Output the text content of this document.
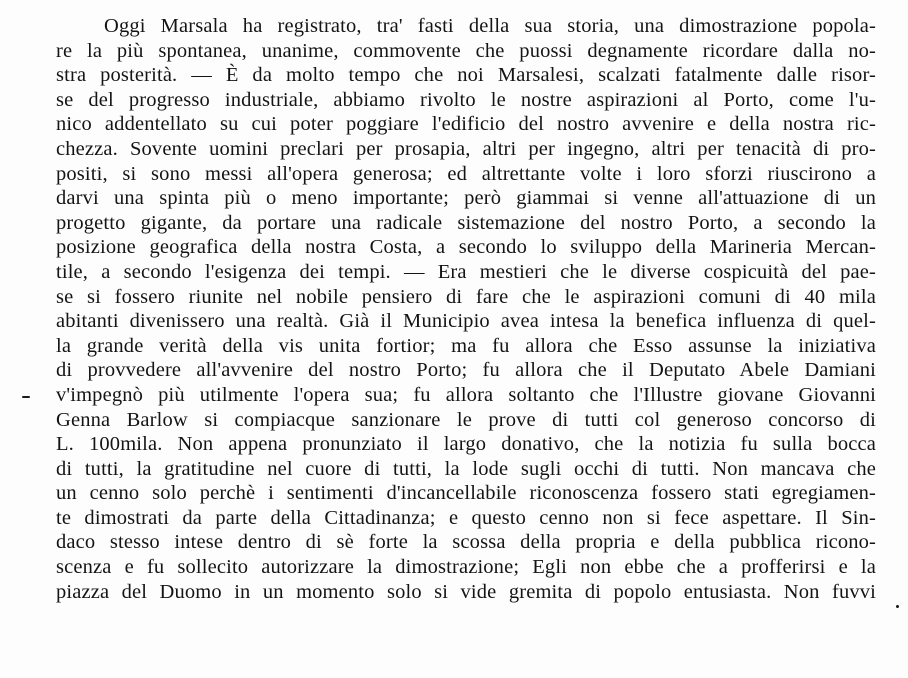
Oggi Marsala ha registrato, tra' fasti della sua storia, una dimostrazione popola-
re la più spontanea, unanime, commovente che puossi degnamente ricordare dalla no-
stra posterità. — È da molto tempo che noi Marsalesi, scalzati fatalmente dalle risor-
se del progresso industriale, abbiamo rivolto le nostre aspirazioni al Porto, come l'u-
nico addentellato su cui poter poggiare l'edificio del nostro avvenire e della nostra ric-
chezza. Sovente uomini preclari per prosapia, altri per ingegno, altri per tenacità di pro-
positi, si sono messi all'opera generosa; ed altrettante volte i loro sforzi riuscirono a
darvi una spinta più o meno importante; però giammai si venne all'attuazione di un
progetto gigante, da portare una radicale sistemazione del nostro Porto, a secondo la
posizione geografica della nostra Costa, a secondo lo sviluppo della Marineria Mercan-
tile, a secondo l'esigenza dei tempi. — Era mestieri che le diverse cospicuità del pae-
se si fossero riunite nel nobile pensiero di fare che le aspirazioni comuni di 40 mila
abitanti divenissero una realtà. Già il Municipio avea intesa la benefica influenza di quel-
la grande verità della vis unita fortior; ma fu allora che Esso assunse la iniziativa
di provvedere all'avvenire del nostro Porto; fu allora che il Deputato Abele Damiani
v'impegnò più utilmente l'opera sua; fu allora soltanto che l'Illustre giovane Giovanni
Genna Barlow si compiacque sanzionare le prove di tutti col generoso concorso di
L. 100mila. Non appena pronunziato il largo donativo, che la notizia fu sulla bocca
di tutti, la gratitudine nel cuore di tutti, la lode sugli occhi di tutti. Non mancava che
un cenno solo perchè i sentimenti d'incancellabile riconoscenza fossero stati egregiamen-
te dimostrati da parte della Cittadinanza; e questo cenno non si fece aspettare. Il Sin-
daco stesso intese dentro di sè forte la scossa della propria e della pubblica ricono-
scenza e fu sollecito autorizzare la dimostrazione; Egli non ebbe che a profferirsi e la
piazza del Duomo in un momento solo si vide gremita di popolo entusiasta. Non fuvvi
